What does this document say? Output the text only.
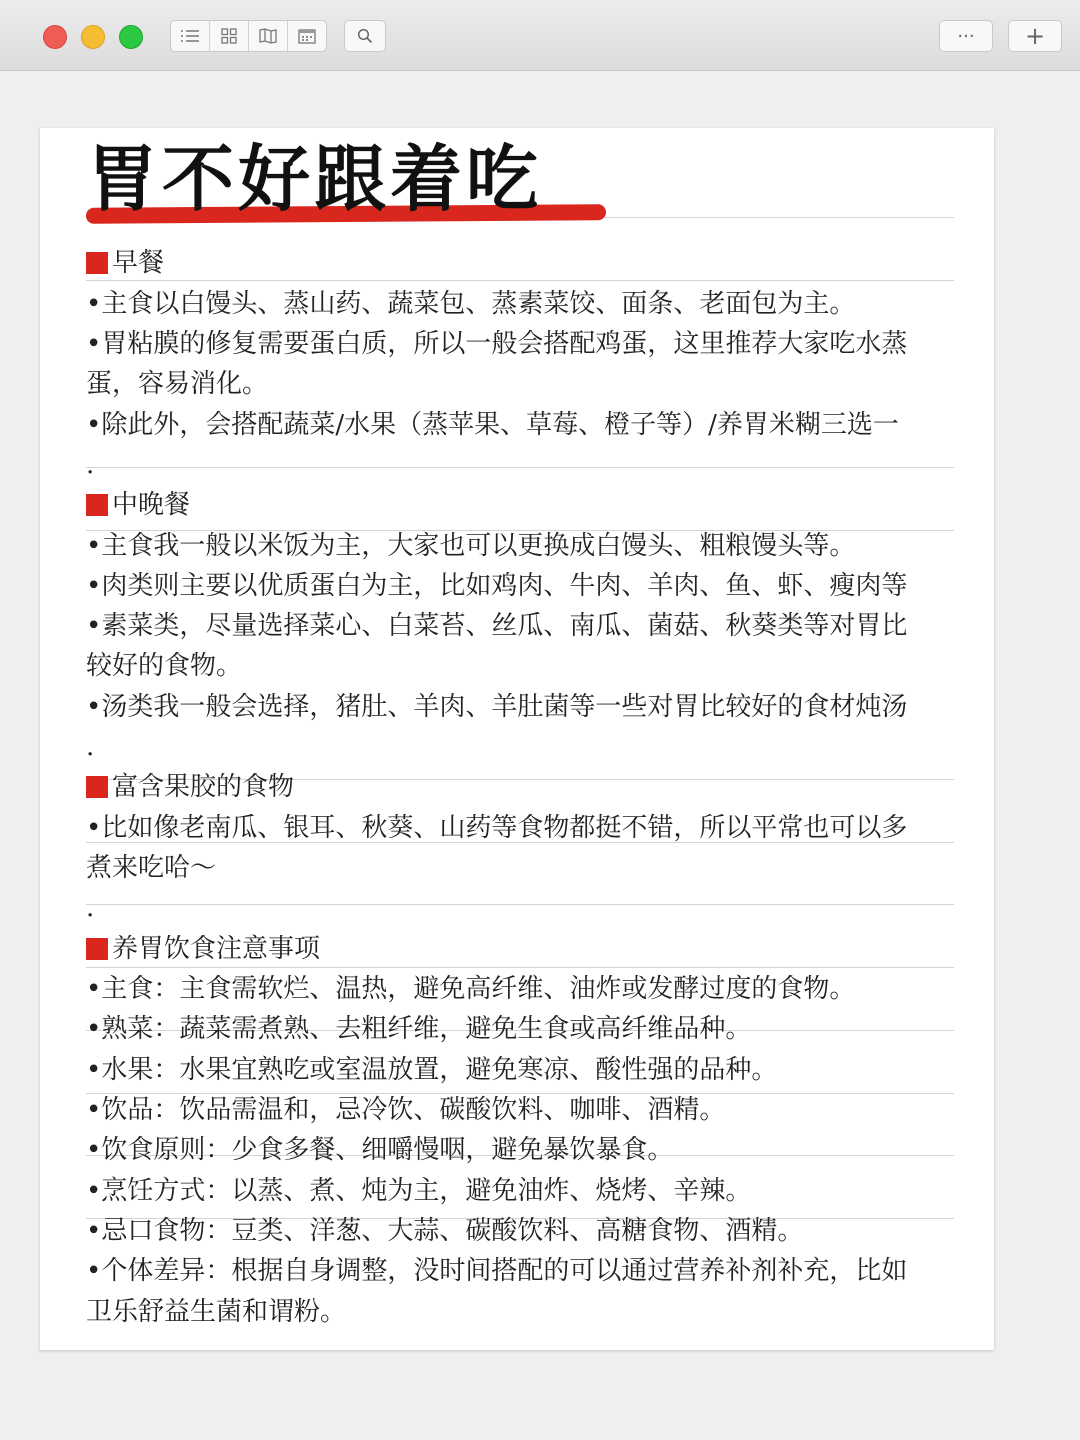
···	+
胃不好跟着吃
早餐
•主食以白馒头、蒸山药、蔬菜包、蒸素菜饺、面条、老面包为主。
•胃粘膜的修复需要蛋白质，所以一般会搭配鸡蛋，这里推荐大家吃水蒸
蛋，容易消化。
•除此外，会搭配蔬菜/水果（蒸苹果、草莓、橙子等）/养胃米糊三选一
.
中晚餐
•主食我一般以米饭为主，大家也可以更换成白馒头、粗粮馒头等。
•肉类则主要以优质蛋白为主，比如鸡肉、牛肉、羊肉、鱼、虾、瘦肉等
•素菜类，尽量选择菜心、白菜苔、丝瓜、南瓜、菌菇、秋葵类等对胃比
较好的食物。
•汤类我一般会选择，猪肚、羊肉、羊肚菌等一些对胃比较好的食材炖汤
.
富含果胶的食物
•比如像老南瓜、银耳、秋葵、山药等食物都挺不错，所以平常也可以多
煮来吃哈～
.
养胃饮食注意事项
•主食：主食需软烂、温热，避免高纤维、油炸或发酵过度的食物。
•熟菜：蔬菜需煮熟、去粗纤维，避免生食或高纤维品种。
•水果：水果宜熟吃或室温放置，避免寒凉、酸性强的品种。
•饮品：饮品需温和，忌冷饮、碳酸饮料、咖啡、酒精。
•饮食原则：少食多餐、细嚼慢咽，避免暴饮暴食。
•烹饪方式：以蒸、煮、炖为主，避免油炸、烧烤、辛辣。
•忌口食物：豆类、洋葱、大蒜、碳酸饮料、高糖食物、酒精。
•个体差异：根据自身调整，没时间搭配的可以通过营养补剂补充，比如
卫乐舒益生菌和谓粉。
